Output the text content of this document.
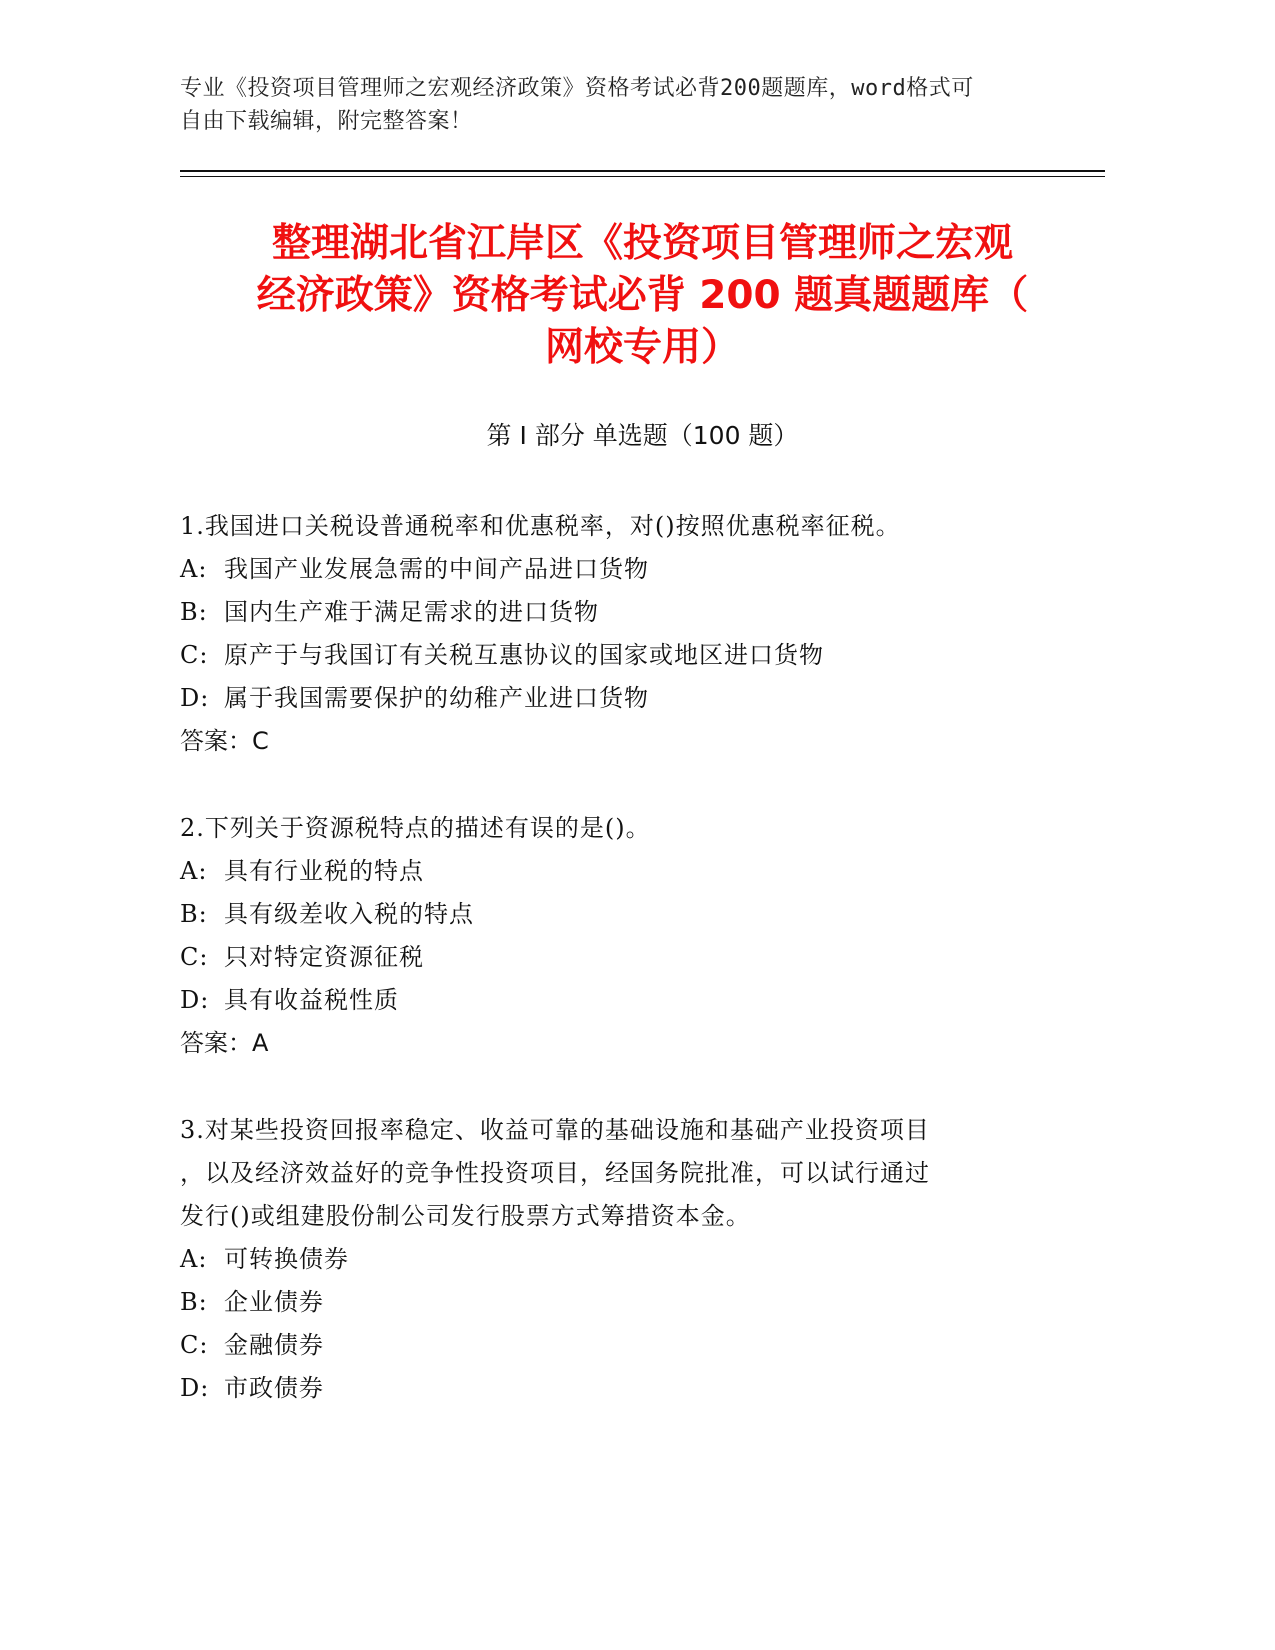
专业《投资项目管理师之宏观经济政策》资格考试必背200题题库，word格式可
自由下载编辑，附完整答案！
整理湖北省江岸区《投资项目管理师之宏观
经济政策》资格考试必背 200 题真题题库（
网校专用）
第 I 部分 单选题（100 题）
1.我国进口关税设普通税率和优惠税率，对()按照优惠税率征税。
A: 我国产业发展急需的中间产品进口货物
B: 国内生产难于满足需求的进口货物
C: 原产于与我国订有关税互惠协议的国家或地区进口货物
D: 属于我国需要保护的幼稚产业进口货物
答案：C
2.下列关于资源税特点的描述有误的是()。
A: 具有行业税的特点
B: 具有级差收入税的特点
C: 只对特定资源征税
D: 具有收益税性质
答案：A
3.对某些投资回报率稳定、收益可靠的基础设施和基础产业投资项目
，以及经济效益好的竞争性投资项目，经国务院批准，可以试行通过
发行()或组建股份制公司发行股票方式筹措资本金。
A: 可转换债券
B: 企业债券
C: 金融债券
D: 市政债券
